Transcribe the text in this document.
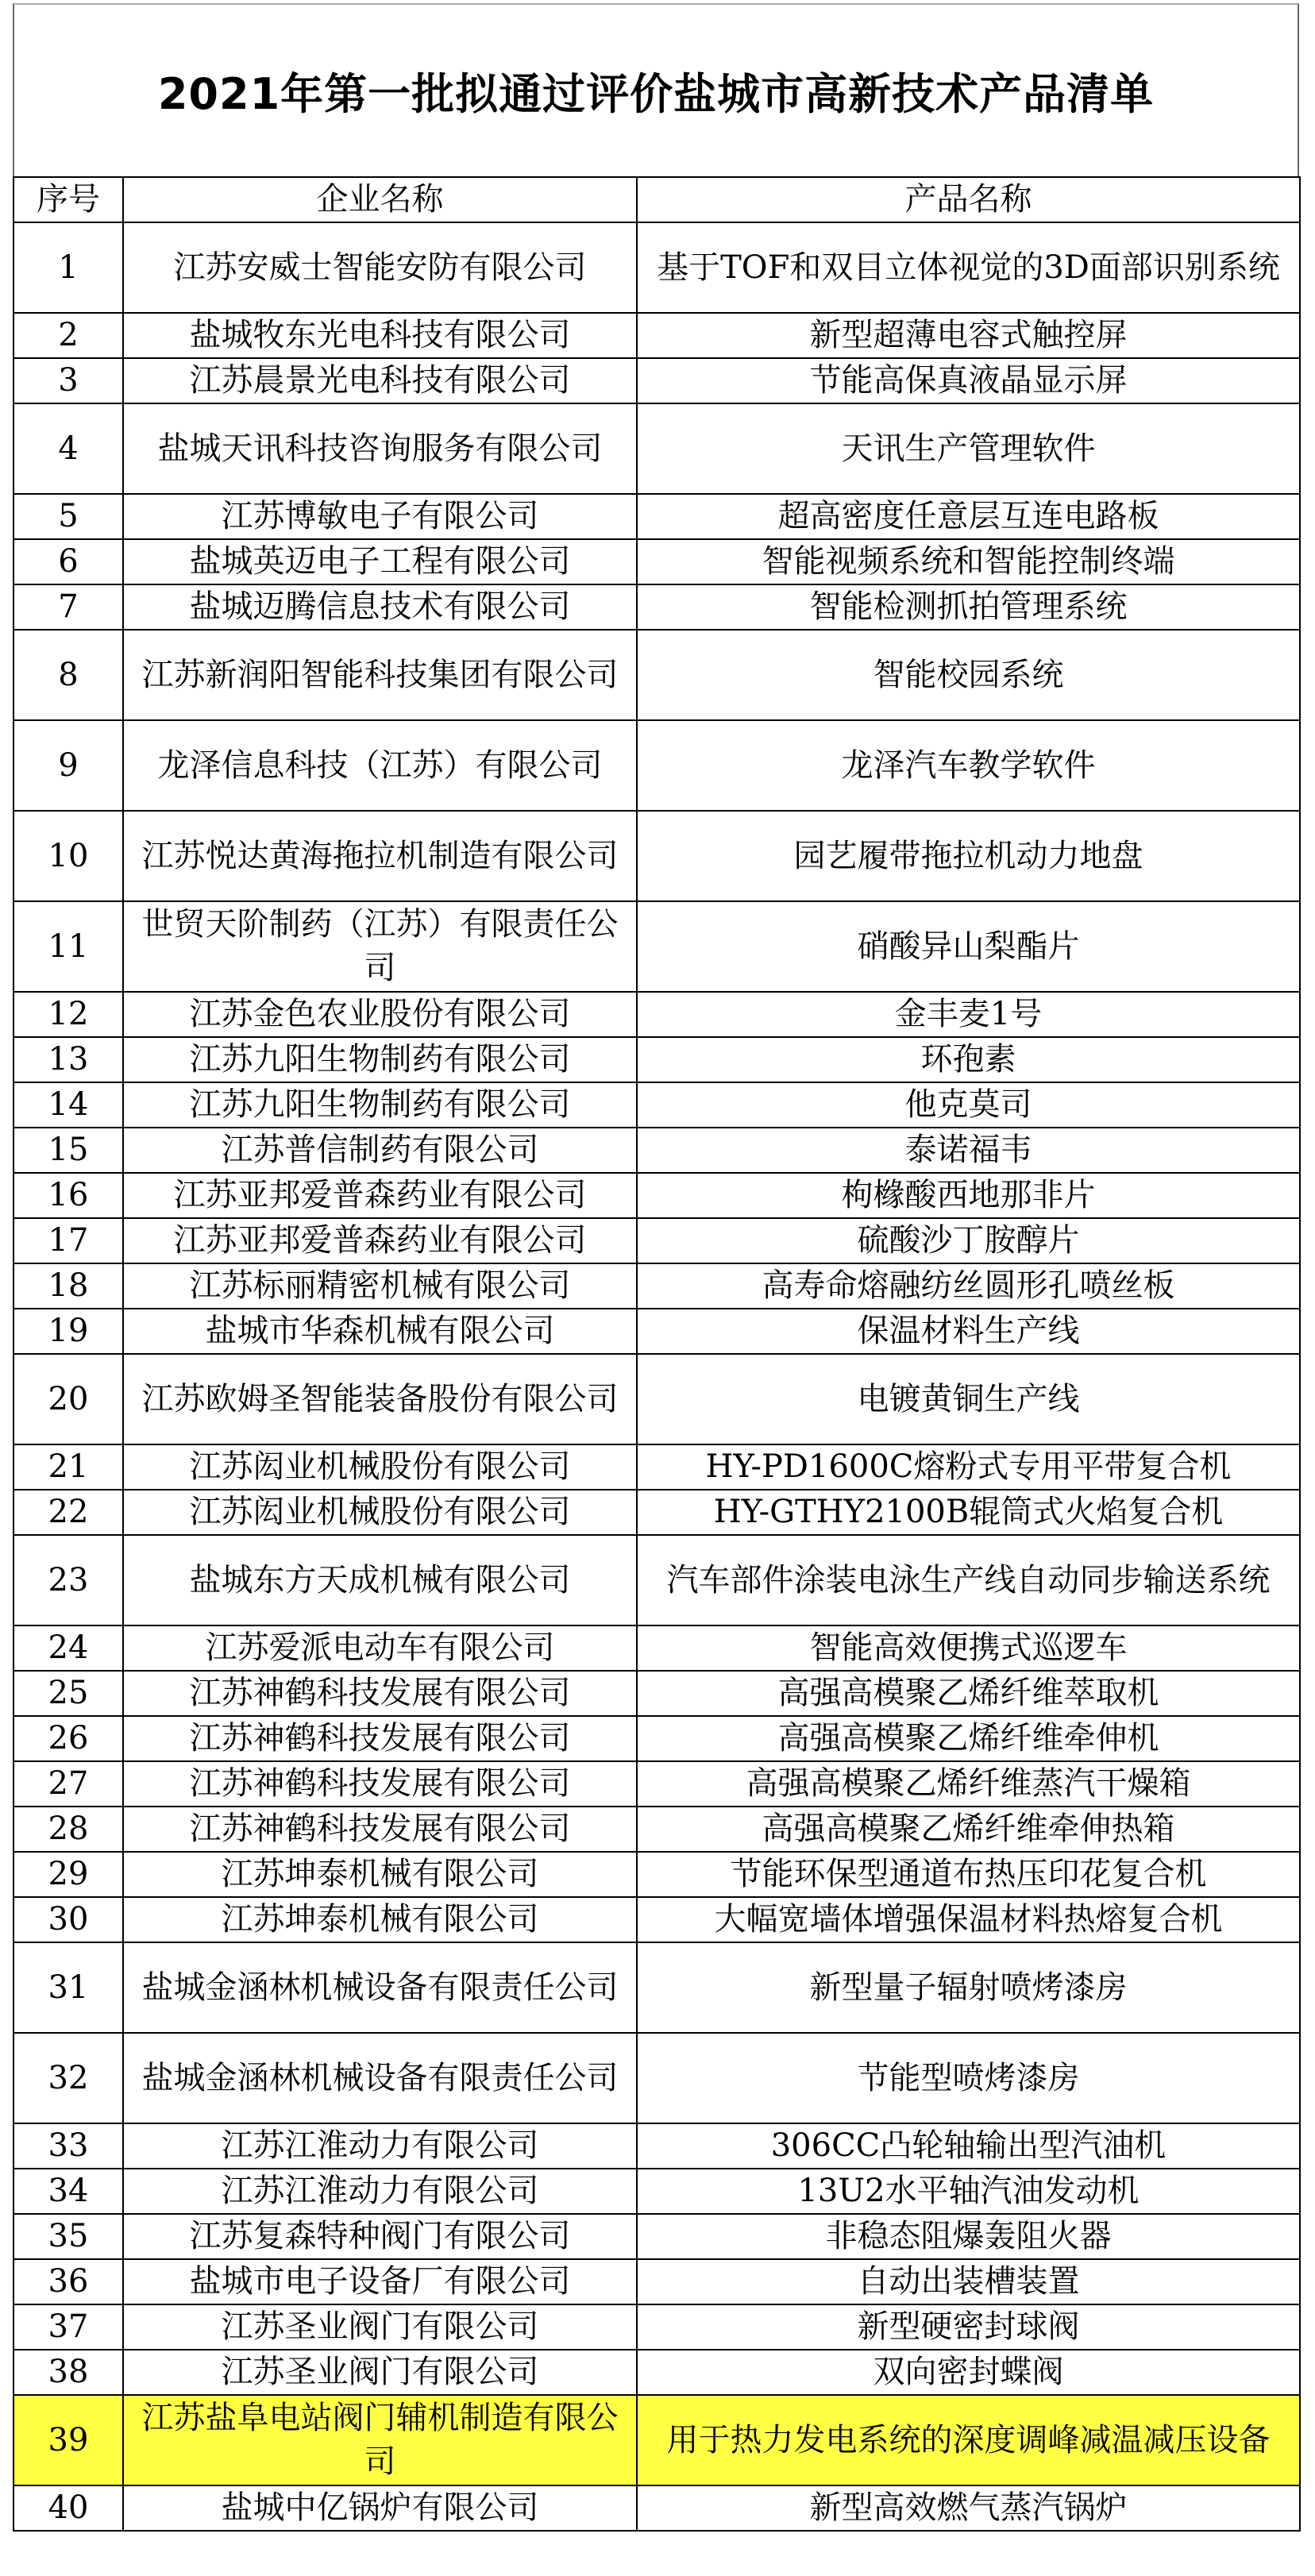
2021年第一批拟通过评价盐城市高新技术产品清单
序号	企业名称	产品名称
1	江苏安威士智能安防有限公司	基于TOF和双目立体视觉的3D面部识别系统
2	盐城牧东光电科技有限公司	新型超薄电容式触控屏
3	江苏晨景光电科技有限公司	节能高保真液晶显示屏
4	盐城天讯科技咨询服务有限公司	天讯生产管理软件
5	江苏博敏电子有限公司	超高密度任意层互连电路板
6	盐城英迈电子工程有限公司	智能视频系统和智能控制终端
7	盐城迈腾信息技术有限公司	智能检测抓拍管理系统
8	江苏新润阳智能科技集团有限公司	智能校园系统
9	龙泽信息科技（江苏）有限公司	龙泽汽车教学软件
10	江苏悦达黄海拖拉机制造有限公司	园艺履带拖拉机动力地盘
11	世贸天阶制药（江苏）有限责任公司	硝酸异山梨酯片
12	江苏金色农业股份有限公司	金丰麦1号
13	江苏九阳生物制药有限公司	环孢素
14	江苏九阳生物制药有限公司	他克莫司
15	江苏普信制药有限公司	泰诺福韦
16	江苏亚邦爱普森药业有限公司	枸橼酸西地那非片
17	江苏亚邦爱普森药业有限公司	硫酸沙丁胺醇片
18	江苏标丽精密机械有限公司	高寿命熔融纺丝圆形孔喷丝板
19	盐城市华森机械有限公司	保温材料生产线
20	江苏欧姆圣智能装备股份有限公司	电镀黄铜生产线
21	江苏闳业机械股份有限公司	HY-PD1600C熔粉式专用平带复合机
22	江苏闳业机械股份有限公司	HY-GTHY2100B辊筒式火焰复合机
23	盐城东方天成机械有限公司	汽车部件涂装电泳生产线自动同步输送系统
24	江苏爱派电动车有限公司	智能高效便携式巡逻车
25	江苏神鹤科技发展有限公司	高强高模聚乙烯纤维萃取机
26	江苏神鹤科技发展有限公司	高强高模聚乙烯纤维牵伸机
27	江苏神鹤科技发展有限公司	高强高模聚乙烯纤维蒸汽干燥箱
28	江苏神鹤科技发展有限公司	高强高模聚乙烯纤维牵伸热箱
29	江苏坤泰机械有限公司	节能环保型通道布热压印花复合机
30	江苏坤泰机械有限公司	大幅宽墙体增强保温材料热熔复合机
31	盐城金涵林机械设备有限责任公司	新型量子辐射喷烤漆房
32	盐城金涵林机械设备有限责任公司	节能型喷烤漆房
33	江苏江淮动力有限公司	306CC凸轮轴输出型汽油机
34	江苏江淮动力有限公司	13U2水平轴汽油发动机
35	江苏复森特种阀门有限公司	非稳态阻爆轰阻火器
36	盐城市电子设备厂有限公司	自动出装槽装置
37	江苏圣业阀门有限公司	新型硬密封球阀
38	江苏圣业阀门有限公司	双向密封蝶阀
39	江苏盐阜电站阀门辅机制造有限公司	用于热力发电系统的深度调峰减温减压设备
40	盐城中亿锅炉有限公司	新型高效燃气蒸汽锅炉
